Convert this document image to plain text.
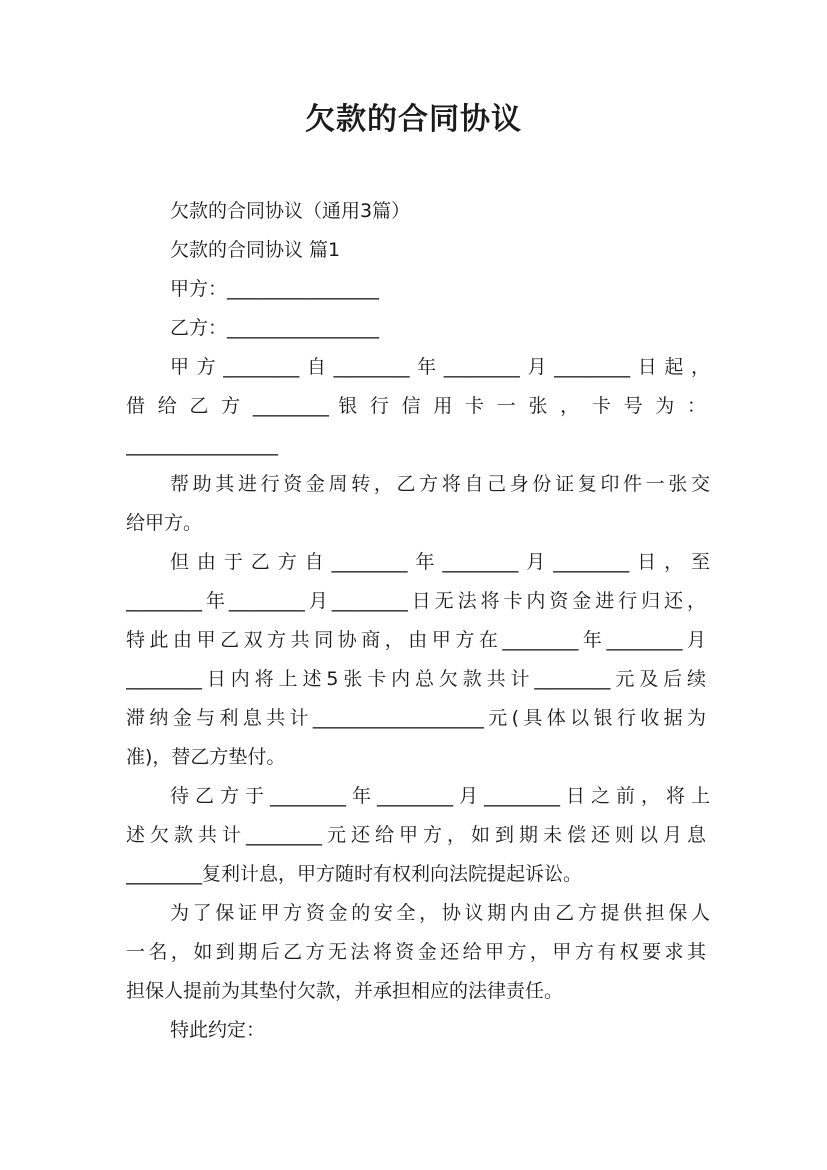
欠款的合同协议
欠款的合同协议（通用3篇）
欠款的合同协议 篇1
甲方：________________
乙方：________________
甲方________自________年________月________日起，
借 给 乙 方 ________ 银 行 信 用 卡 一 张 ， 卡 号 为 ：
________________
帮助其进行资金周转，乙方将自己身份证复印件一张交
给甲方。
但由于乙方自________年________月________日，至
________年________月________日无法将卡内资金进行归还，
特此由甲乙双方共同协商，由甲方在________年________月
________日内将上述5张卡内总欠款共计________元及后续
滞纳金与利息共计__________________元(具体以银行收据为
准)，替乙方垫付。
待乙方于________年________月________日之前，将上
述欠款共计________元还给甲方，如到期未偿还则以月息
________复利计息，甲方随时有权利向法院提起诉讼。
为了保证甲方资金的安全，协议期内由乙方提供担保人
一名，如到期后乙方无法将资金还给甲方，甲方有权要求其
担保人提前为其垫付欠款，并承担相应的法律责任。
特此约定：
